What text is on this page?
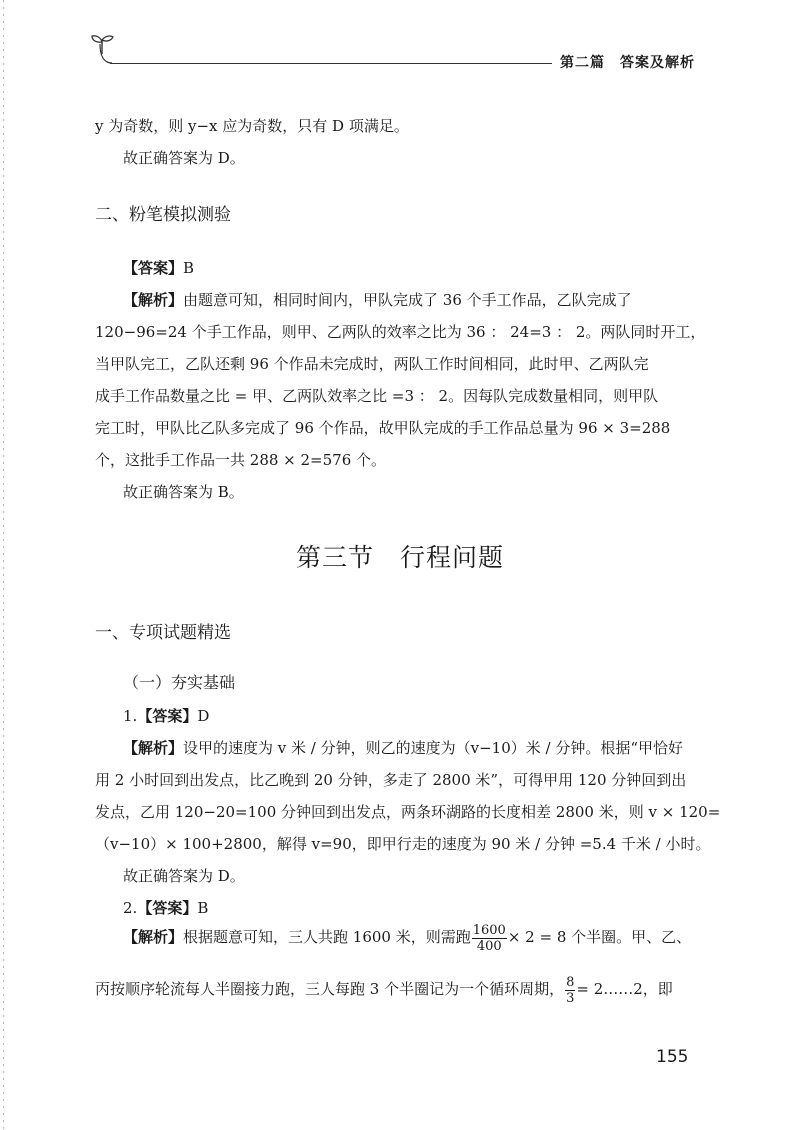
第二篇　答案及解析
y 为奇数，则 y−x 应为奇数，只有 D 项满足。
故正确答案为 D。
二、粉笔模拟测验
【答案】B
【解析】由题意可知，相同时间内，甲队完成了 36 个手工作品，乙队完成了
120−96=24 个手工作品，则甲、乙两队的效率之比为 36 ： 24=3 ： 2。两队同时开工，
当甲队完工，乙队还剩 96 个作品未完成时，两队工作时间相同，此时甲、乙两队完
成手工作品数量之比 = 甲、乙两队效率之比 =3 ： 2。因每队完成数量相同，则甲队
完工时，甲队比乙队多完成了 96 个作品，故甲队完成的手工作品总量为 96 × 3=288
个，这批手工作品一共 288 × 2=576 个。
故正确答案为 B。
第三节 行程问题
一、专项试题精选
（一）夯实基础
1.【答案】D
【解析】设甲的速度为 v 米 / 分钟，则乙的速度为（v−10）米 / 分钟。根据“甲恰好
用 2 小时回到出发点，比乙晚到 20 分钟，多走了 2800 米”，可得甲用 120 分钟回到出
发点，乙用 120−20=100 分钟回到出发点，两条环湖路的长度相差 2800 米，则 v × 120=
（v−10）× 100+2800，解得 v=90，即甲行走的速度为 90 米 / 分钟 =5.4 千米 / 小时。
故正确答案为 D。
2.【答案】B
【解析】根据题意可知，三人共跑 1600 米，则需跑 $\frac{1600}{400} \times 2 = 8$ 个半圈。甲、乙、
丙按顺序轮流每人半圈接力跑，三人每跑 3 个半圈记为一个循环周期， $\frac{8}{3}$ = 2……2，即
155
